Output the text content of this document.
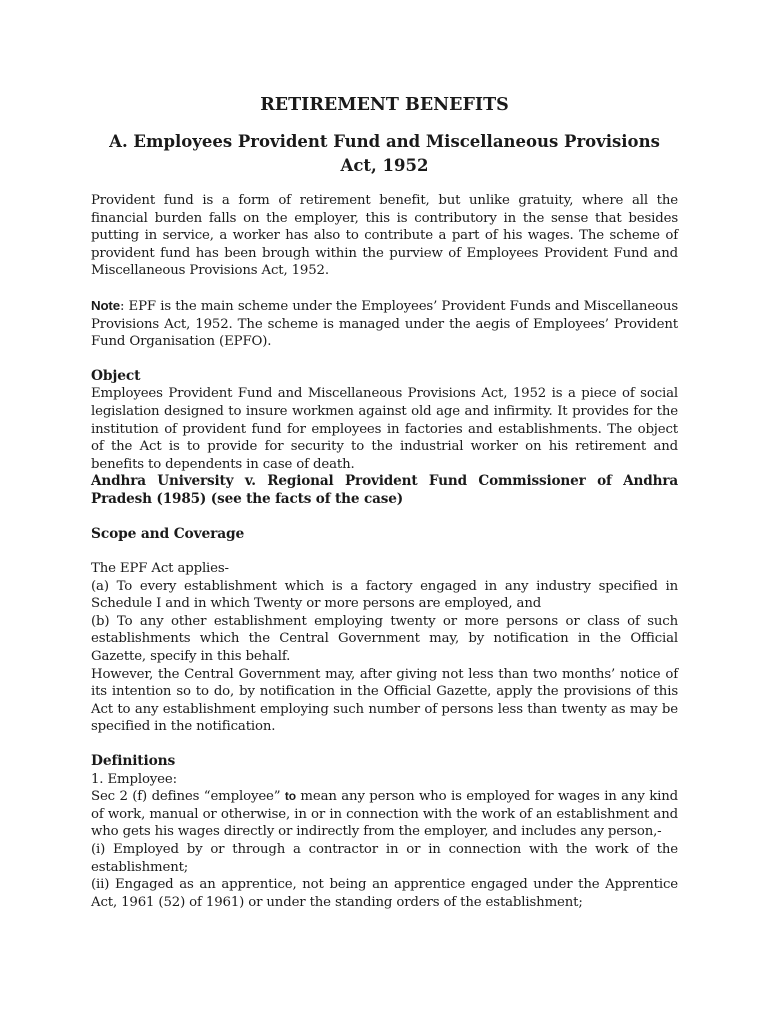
RETIREMENT BENEFITS
A. Employees Provident Fund and Miscellaneous Provisions Act, 1952

Provident fund is a form of retirement benefit, but unlike gratuity, where all the financial burden falls on the employer, this is contributory in the sense that besides putting in service, a worker has also to contribute a part of his wages. The scheme of provident fund has been brough within the purview of Employees Provident Fund and Miscellaneous Provisions Act, 1952.

Note: EPF is the main scheme under the Employees’ Provident Funds and Miscellaneous Provisions Act, 1952. The scheme is managed under the aegis of Employees’ Provident Fund Organisation (EPFO).

Object

Employees Provident Fund and Miscellaneous Provisions Act, 1952 is a piece of social legislation designed to insure workmen against old age and infirmity. It provides for the institution of provident fund for employees in factories and establishments. The object of the Act is to provide for security to the industrial worker on his retirement and benefits to dependents in case of death.

Andhra University v. Regional Provident Fund Commissioner of Andhra Pradesh (1985) (see the facts of the case)

Scope and Coverage

The EPF Act applies-

(a) To every establishment which is a factory engaged in any industry specified in Schedule I and in which Twenty or more persons are employed, and

(b) To any other establishment employing twenty or more persons or class of such establishments which the Central Government may, by notification in the Official Gazette, specify in this behalf.

However, the Central Government may, after giving not less than two months’ notice of its intention so to do, by notification in the Official Gazette, apply the provisions of this Act to any establishment employing such number of persons less than twenty as may be specified in the notification.

Definitions

1. Employee:

Sec 2 (f) defines “employee” to mean any person who is employed for wages in any kind of work, manual or otherwise, in or in connection with the work of an establishment and who gets his wages directly or indirectly from the employer, and includes any person,-

(i) Employed by or through a contractor in or in connection with the work of the establishment;

(ii) Engaged as an apprentice, not being an apprentice engaged under the Apprentice Act, 1961 (52) of 1961) or under the standing orders of the establishment;
